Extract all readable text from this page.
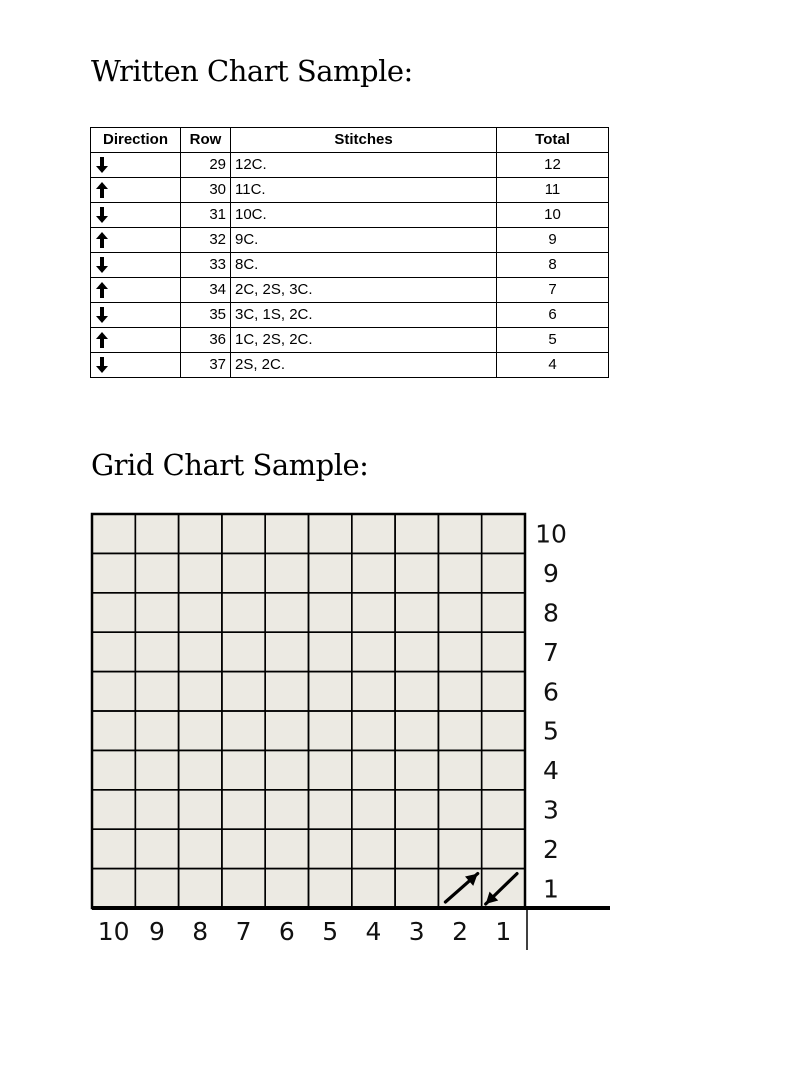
Written Chart Sample:
Direction	Row	Stitches	Total
	29	12C.	12
	30	11C.	11
	31	10C.	10
	32	9C.	9
	33	8C.	8
	34	2C, 2S, 3C.	7
	35	3C, 1S, 2C.	6
	36	1C, 2S, 2C.	5
	37	2S, 2C.	4
Grid Chart Sample:
10 9 8 7 6 5 4 3 2 1
10
9
8
7
6
5
4
3
2
1
